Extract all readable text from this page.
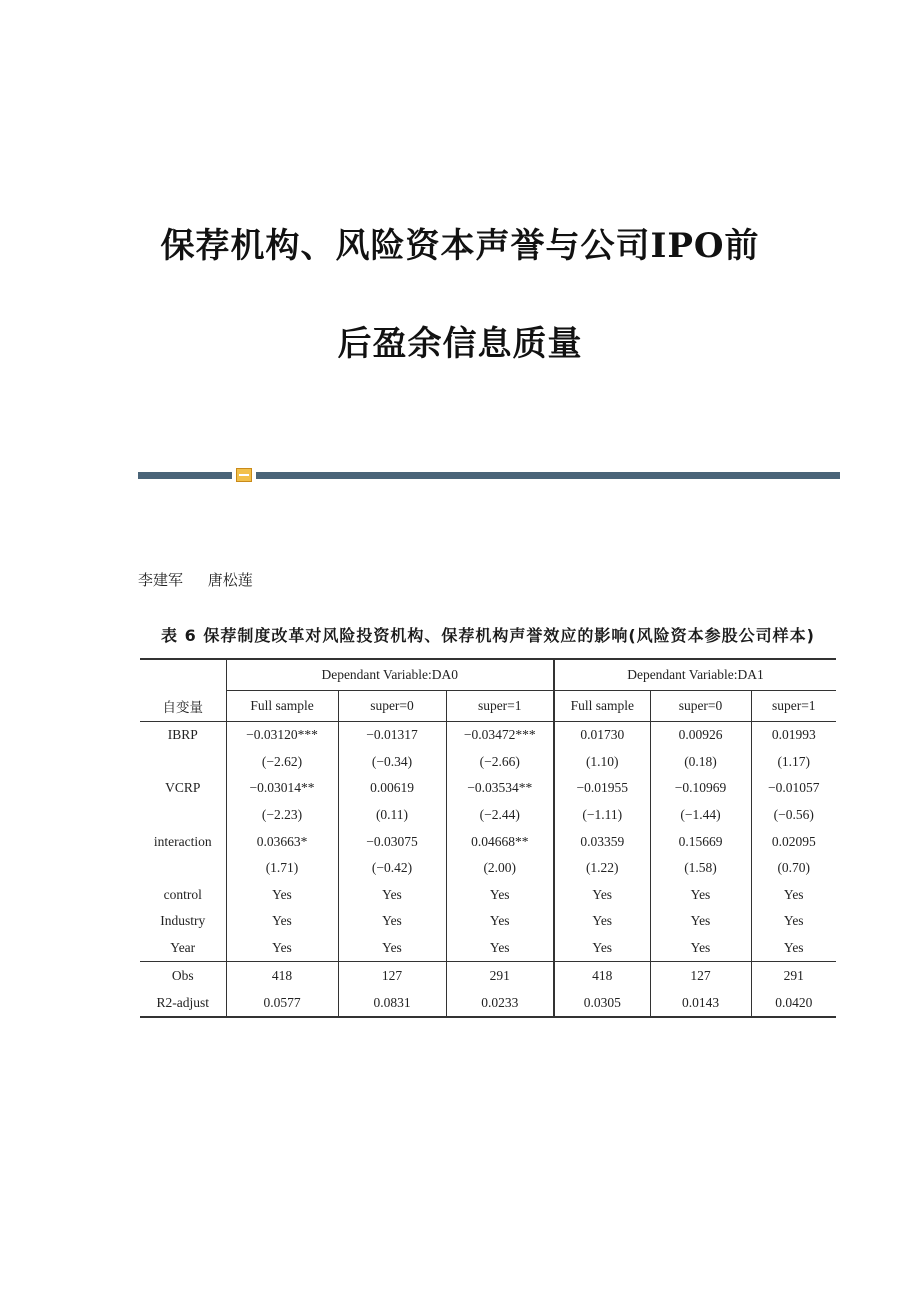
保荐机构、风险资本声誉与公司IPO前
后盈余信息质量
李建军 唐松莲
表 6 保荐制度改革对风险投资机构、保荐机构声誉效应的影响(风险资本参股公司样本)
	Dependant Variable:DA0			Dependant Variable:DA1		
自变量	Full sample	super=0	super=1	Full sample	super=0	super=1
IBRP	−0.03120***	−0.01317	−0.03472***	0.01730	0.00926	0.01993
	(−2.62)	(−0.34)	(−2.66)	(1.10)	(0.18)	(1.17)
VCRP	−0.03014**	0.00619	−0.03534**	−0.01955	−0.10969	−0.01057
	(−2.23)	(0.11)	(−2.44)	(−1.11)	(−1.44)	(−0.56)
interaction	0.03663*	−0.03075	0.04668**	0.03359	0.15669	0.02095
	(1.71)	(−0.42)	(2.00)	(1.22)	(1.58)	(0.70)
control	Yes	Yes	Yes	Yes	Yes	Yes
Industry	Yes	Yes	Yes	Yes	Yes	Yes
Year	Yes	Yes	Yes	Yes	Yes	Yes
Obs	418	127	291	418	127	291
R2-adjust	0.0577	0.0831	0.0233	0.0305	0.0143	0.0420
